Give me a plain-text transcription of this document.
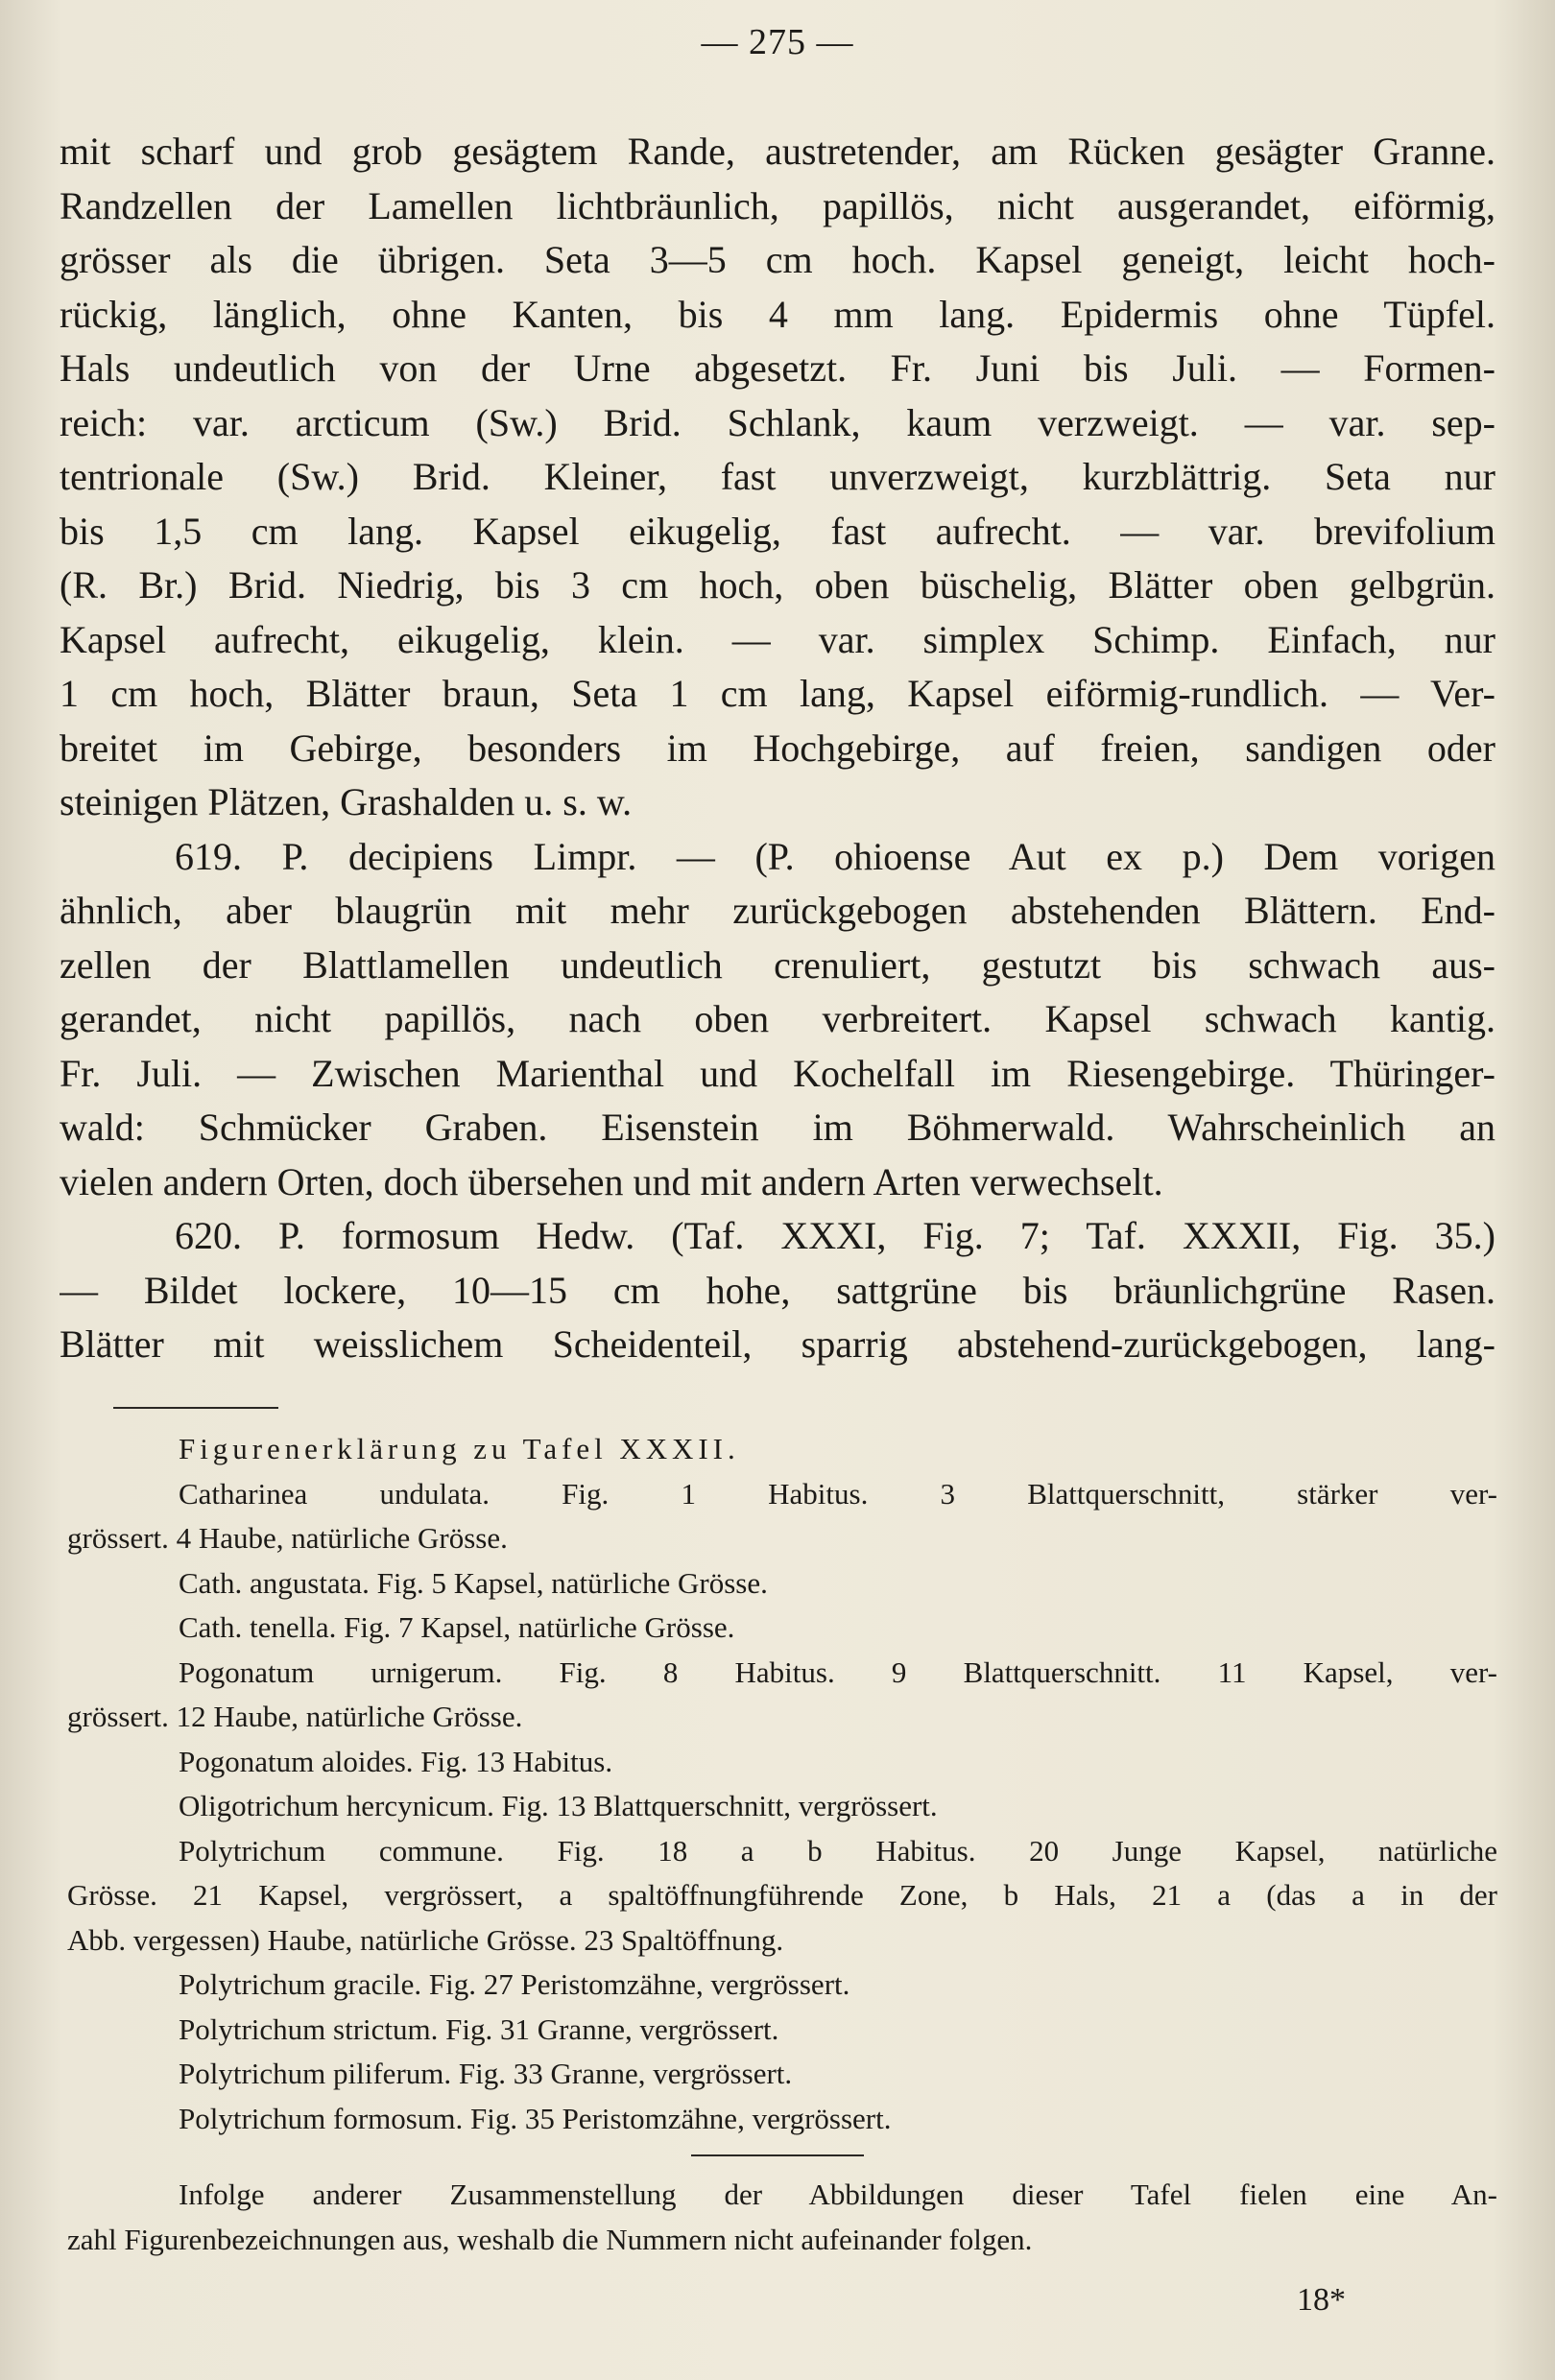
— 275 —
mit scharf und grob gesägtem Rande, austretender, am Rücken gesägter Granne.
Randzellen der Lamellen lichtbräunlich, papillös, nicht ausgerandet, eiförmig,
grösser als die übrigen. Seta 3—5 cm hoch. Kapsel geneigt, leicht hoch-
rückig, länglich, ohne Kanten, bis 4 mm lang. Epidermis ohne Tüpfel.
Hals undeutlich von der Urne abgesetzt. Fr. Juni bis Juli. — Formen-
reich: var. arcticum (Sw.) Brid. Schlank, kaum verzweigt. — var. sep-
tentrionale (Sw.) Brid. Kleiner, fast unverzweigt, kurzblättrig. Seta nur
bis 1,5 cm lang. Kapsel eikugelig, fast aufrecht. — var. brevifolium
(R. Br.) Brid. Niedrig, bis 3 cm hoch, oben büschelig, Blätter oben gelbgrün.
Kapsel aufrecht, eikugelig, klein. — var. simplex Schimp. Einfach, nur
1 cm hoch, Blätter braun, Seta 1 cm lang, Kapsel eiförmig-rundlich. — Ver-
breitet im Gebirge, besonders im Hochgebirge, auf freien, sandigen oder
steinigen Plätzen, Grashalden u. s. w.
619. P. decipiens Limpr. — (P. ohioense Aut ex p.) Dem vorigen
ähnlich, aber blaugrün mit mehr zurückgebogen abstehenden Blättern. End-
zellen der Blattlamellen undeutlich crenuliert, gestutzt bis schwach aus-
gerandet, nicht papillös, nach oben verbreitert. Kapsel schwach kantig.
Fr. Juli. — Zwischen Marienthal und Kochelfall im Riesengebirge. Thüringer-
wald: Schmücker Graben. Eisenstein im Böhmerwald. Wahrscheinlich an
vielen andern Orten, doch übersehen und mit andern Arten verwechselt.
620. P. formosum Hedw. (Taf. XXXI, Fig. 7; Taf. XXXII, Fig. 35.)
— Bildet lockere, 10—15 cm hohe, sattgrüne bis bräunlichgrüne Rasen.
Blätter mit weisslichem Scheidenteil, sparrig abstehend-zurückgebogen, lang-
Figurenerklärung zu Tafel XXXII.
Catharinea undulata. Fig. 1 Habitus. 3 Blattquerschnitt, stärker ver-
grössert. 4 Haube, natürliche Grösse.
Cath. angustata. Fig. 5 Kapsel, natürliche Grösse.
Cath. tenella. Fig. 7 Kapsel, natürliche Grösse.
Pogonatum urnigerum. Fig. 8 Habitus. 9 Blattquerschnitt. 11 Kapsel, ver-
grössert. 12 Haube, natürliche Grösse.
Pogonatum aloides. Fig. 13 Habitus.
Oligotrichum hercynicum. Fig. 13 Blattquerschnitt, vergrössert.
Polytrichum commune. Fig. 18 a b Habitus. 20 Junge Kapsel, natürliche
Grösse. 21 Kapsel, vergrössert, a spaltöffnungführende Zone, b Hals, 21 a (das a in der
Abb. vergessen) Haube, natürliche Grösse. 23 Spaltöffnung.
Polytrichum gracile. Fig. 27 Peristomzähne, vergrössert.
Polytrichum strictum. Fig. 31 Granne, vergrössert.
Polytrichum piliferum. Fig. 33 Granne, vergrössert.
Polytrichum formosum. Fig. 35 Peristomzähne, vergrössert.
Infolge anderer Zusammenstellung der Abbildungen dieser Tafel fielen eine An-
zahl Figurenbezeichnungen aus, weshalb die Nummern nicht aufeinander folgen.
18*
